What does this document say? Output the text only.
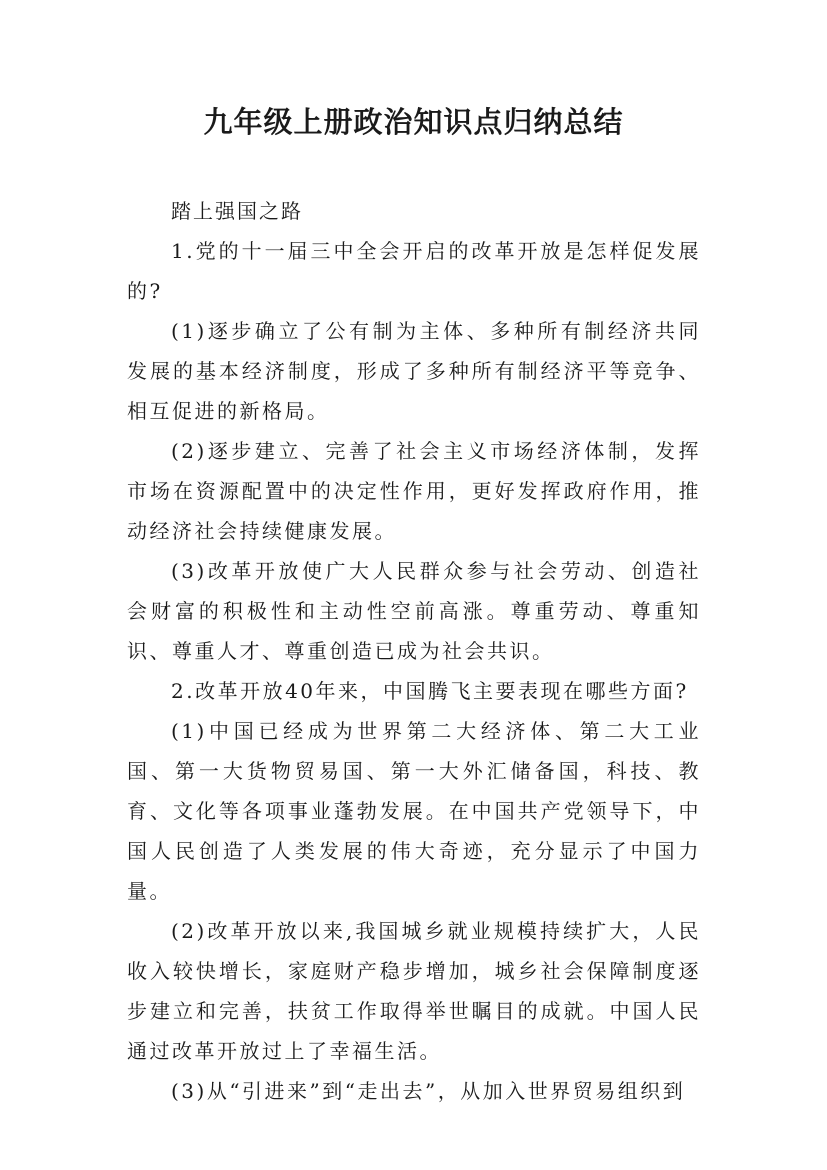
九年级上册政治知识点归纳总结

踏上强国之路

1.党的十一届三中全会开启的改革开放是怎样促发展的?

(1)逐步确立了公有制为主体、多种所有制经济共同发展的基本经济制度，形成了多种所有制经济平等竞争、相互促进的新格局。

(2)逐步建立、完善了社会主义市场经济体制，发挥市场在资源配置中的决定性作用，更好发挥政府作用，推动经济社会持续健康发展。

(3)改革开放使广大人民群众参与社会劳动、创造社会财富的积极性和主动性空前高涨。尊重劳动、尊重知识、尊重人才、尊重创造已成为社会共识。

2.改革开放40年来，中国腾飞主要表现在哪些方面?

(1)中国已经成为世界第二大经济体、第二大工业国、第一大货物贸易国、第一大外汇储备国，科技、教育、文化等各项事业蓬勃发展。在中国共产党领导下，中国人民创造了人类发展的伟大奇迹，充分显示了中国力量。

(2)改革开放以来,我国城乡就业规模持续扩大，人民收入较快增长，家庭财产稳步增加，城乡社会保障制度逐步建立和完善，扶贫工作取得举世瞩目的成就。中国人民通过改革开放过上了幸福生活。

(3)从“引进来”到“走出去”，从加入世界贸易组织到
